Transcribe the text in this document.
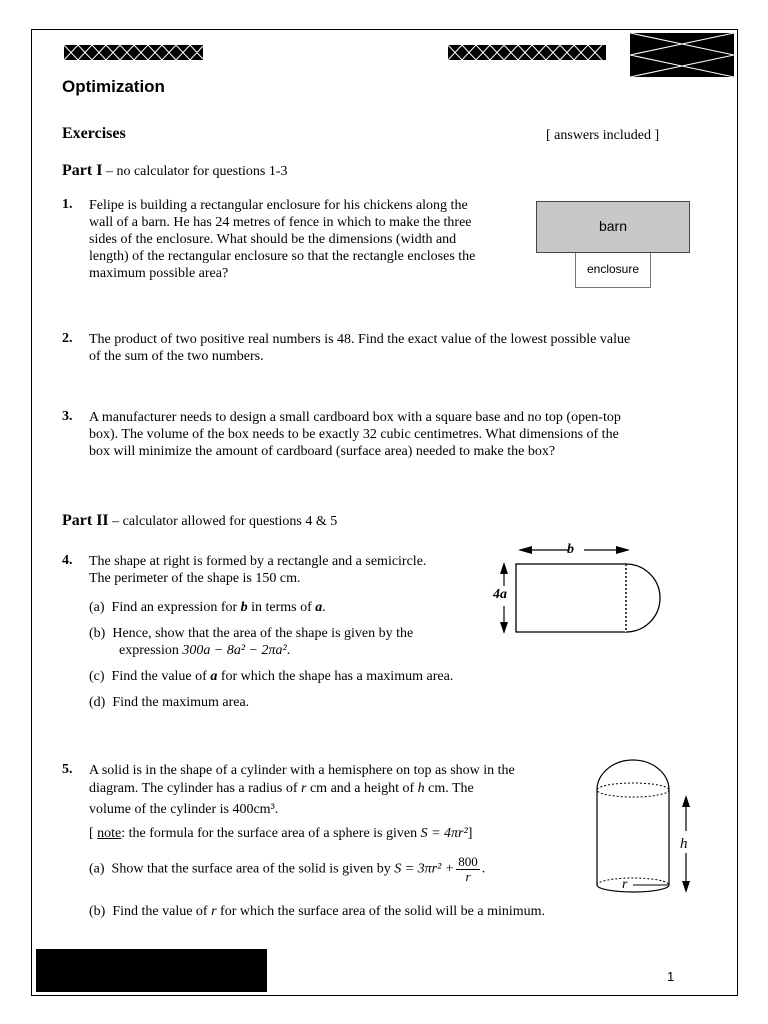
Optimization
Exercises	[ answers included ]
Part I – no calculator for questions 1-3
1. Felipe is building a rectangular enclosure for his chickens along the
wall of a barn. He has 24 metres of fence in which to make the three
sides of the enclosure. What should be the dimensions (width and
length) of the rectangular enclosure so that the rectangle encloses the
maximum possible area?
barn
enclosure
2. The product of two positive real numbers is 48. Find the exact value of the lowest possible value
of the sum of the two numbers.
3. A manufacturer needs to design a small cardboard box with a square base and no top (open-top
box). The volume of the box needs to be exactly 32 cubic centimetres. What dimensions of the
box will minimize the amount of cardboard (surface area) needed to make the box?
Part II – calculator allowed for questions 4 & 5
4. The shape at right is formed by a rectangle and a semicircle.
The perimeter of the shape is 150 cm.
(a) Find an expression for b in terms of a.
(b) Hence, show that the area of the shape is given by the
expression 300a − 8a² − 2πa².
(c) Find the value of a for which the shape has a maximum area.
(d) Find the maximum area.
b
4a
5. A solid is in the shape of a cylinder with a hemisphere on top as show in the
diagram. The cylinder has a radius of r cm and a height of h cm. The
volume of the cylinder is 400cm³.
[ note: the formula for the surface area of a sphere is given S = 4πr²]
(a) Show that the surface area of the solid is given by $S = 3\pi r^2 + \frac{800}{r}$ .
(b) Find the value of r for which the surface area of the solid will be a minimum.
h
r
1
